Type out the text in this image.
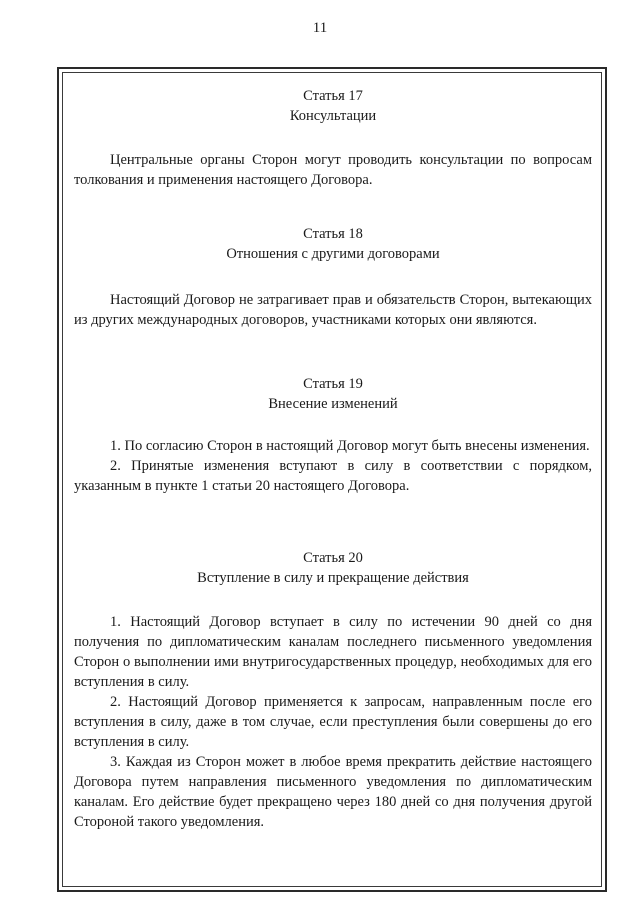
11

Статья 17

Консультации

Центральные органы Сторон могут проводить консультации по вопросам толкования и применения настоящего Договора.

Статья 18

Отношения с другими договорами

Настоящий Договор не затрагивает прав и обязательств Сторон, вытекающих из других международных договоров, участниками которых они являются.

Статья 19

Внесение изменений

1. По согласию Сторон в настоящий Договор могут быть внесены изменения.

2. Принятые изменения вступают в силу в соответствии с порядком, указанным в пункте 1 статьи 20 настоящего Договора.

Статья 20

Вступление в силу и прекращение действия

1. Настоящий Договор вступает в силу по истечении 90 дней со дня получения по дипломатическим каналам последнего письменного уведомления Сторон о выполнении ими внутригосударственных процедур, необходимых для его вступления в силу.

2. Настоящий Договор применяется к запросам, направленным после его вступления в силу, даже в том случае, если преступления были совершены до его вступления в силу.

3. Каждая из Сторон может в любое время прекратить действие настоящего Договора путем направления письменного уведомления по дипломатическим каналам. Его действие будет прекращено через 180 дней со дня получения другой Стороной такого уведомления.
